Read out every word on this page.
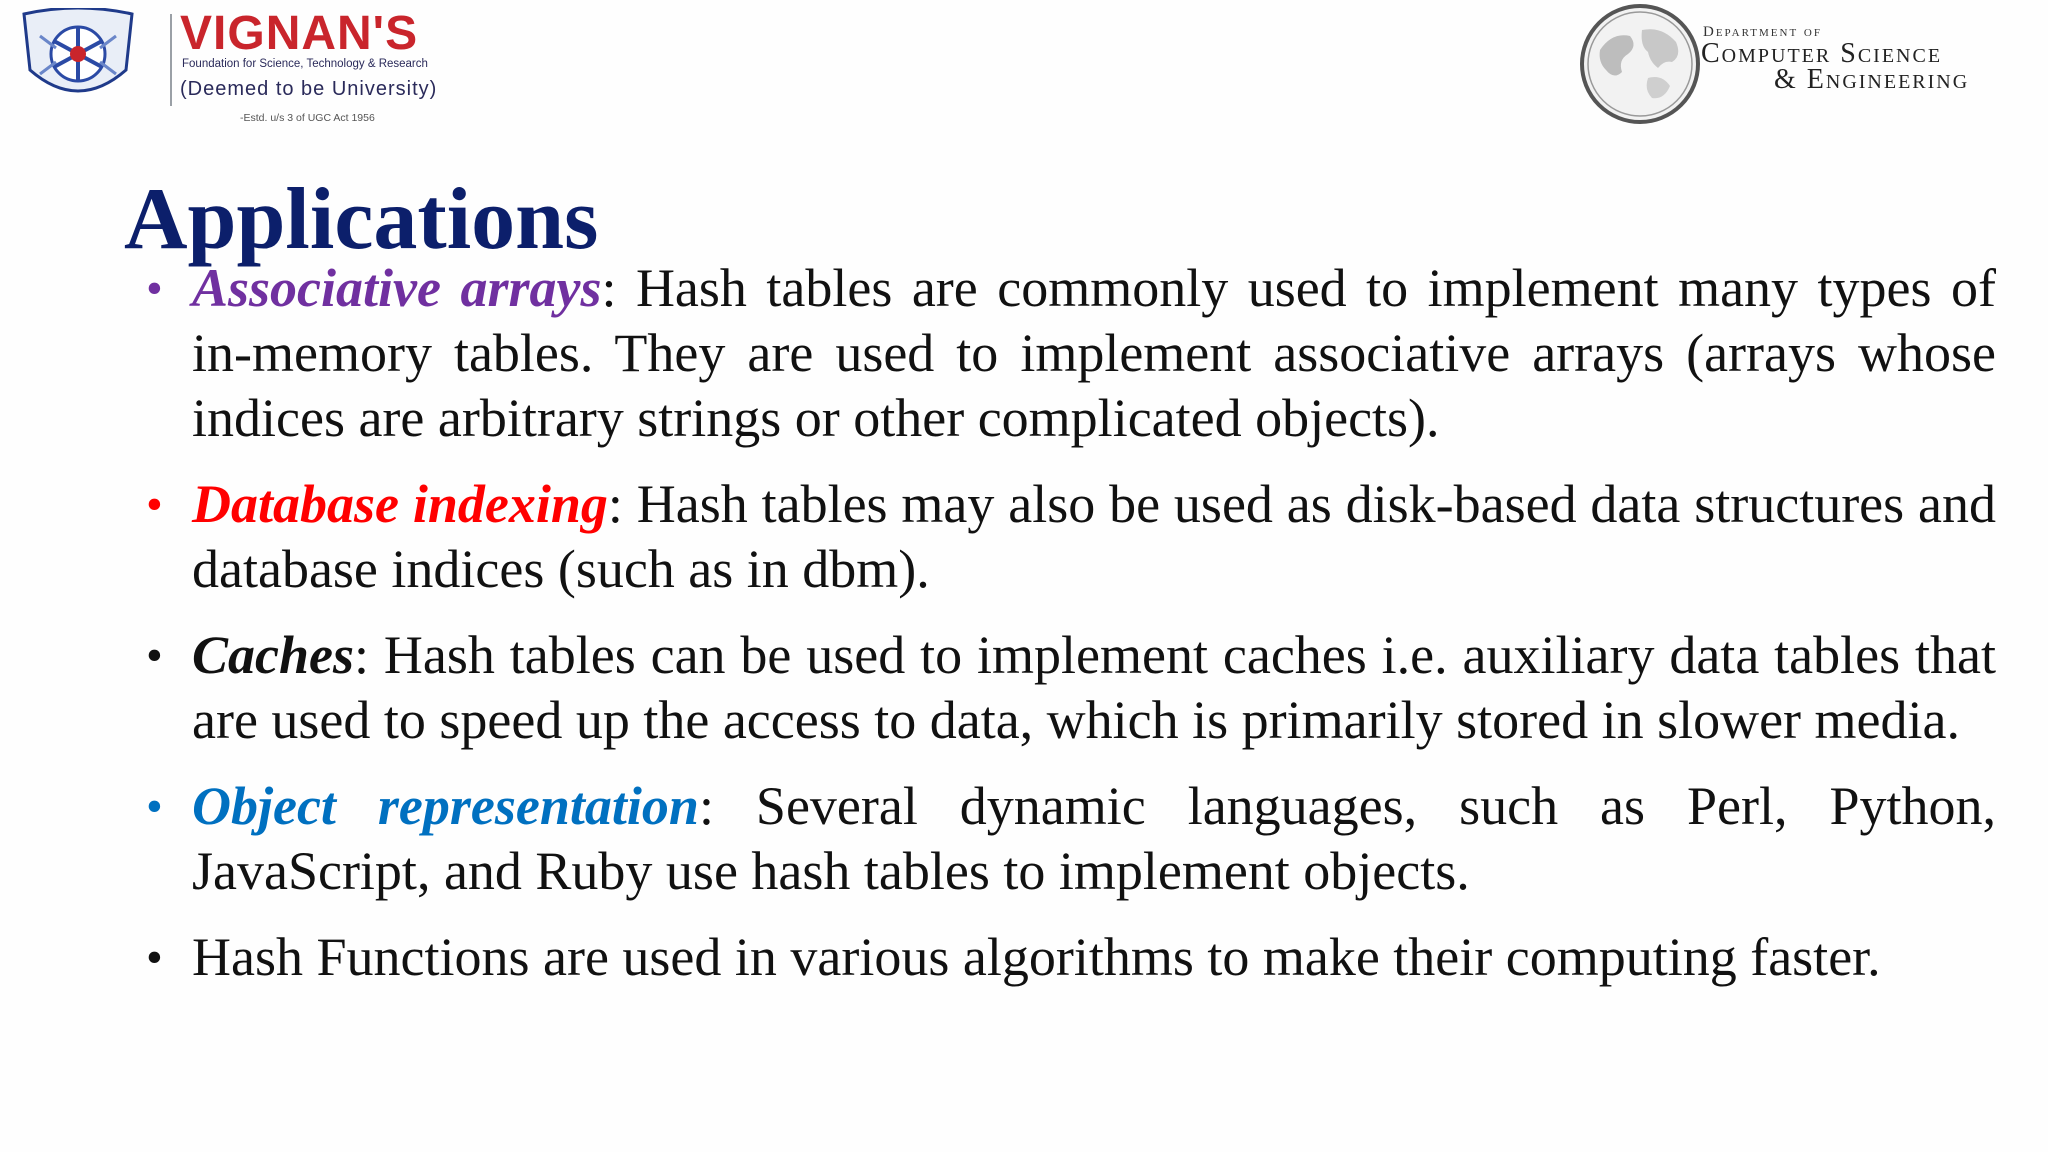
VIGNAN'S
Foundation for Science, Technology & Research
(Deemed to be University)
-Estd. u/s 3 of UGC Act 1956
Department of
Computer Science
& Engineering
Applications
• Associative arrays: Hash tables are commonly used to implement many types of in-memory tables. They are used to implement associative arrays (arrays whose indices are arbitrary strings or other complicated objects).
• Database indexing: Hash tables may also be used as disk-based data structures and database indices (such as in dbm).
• Caches: Hash tables can be used to implement caches i.e. auxiliary data tables that are used to speed up the access to data, which is primarily stored in slower media.
• Object representation: Several dynamic languages, such as Perl, Python, JavaScript, and Ruby use hash tables to implement objects.
• Hash Functions are used in various algorithms to make their computing faster.
